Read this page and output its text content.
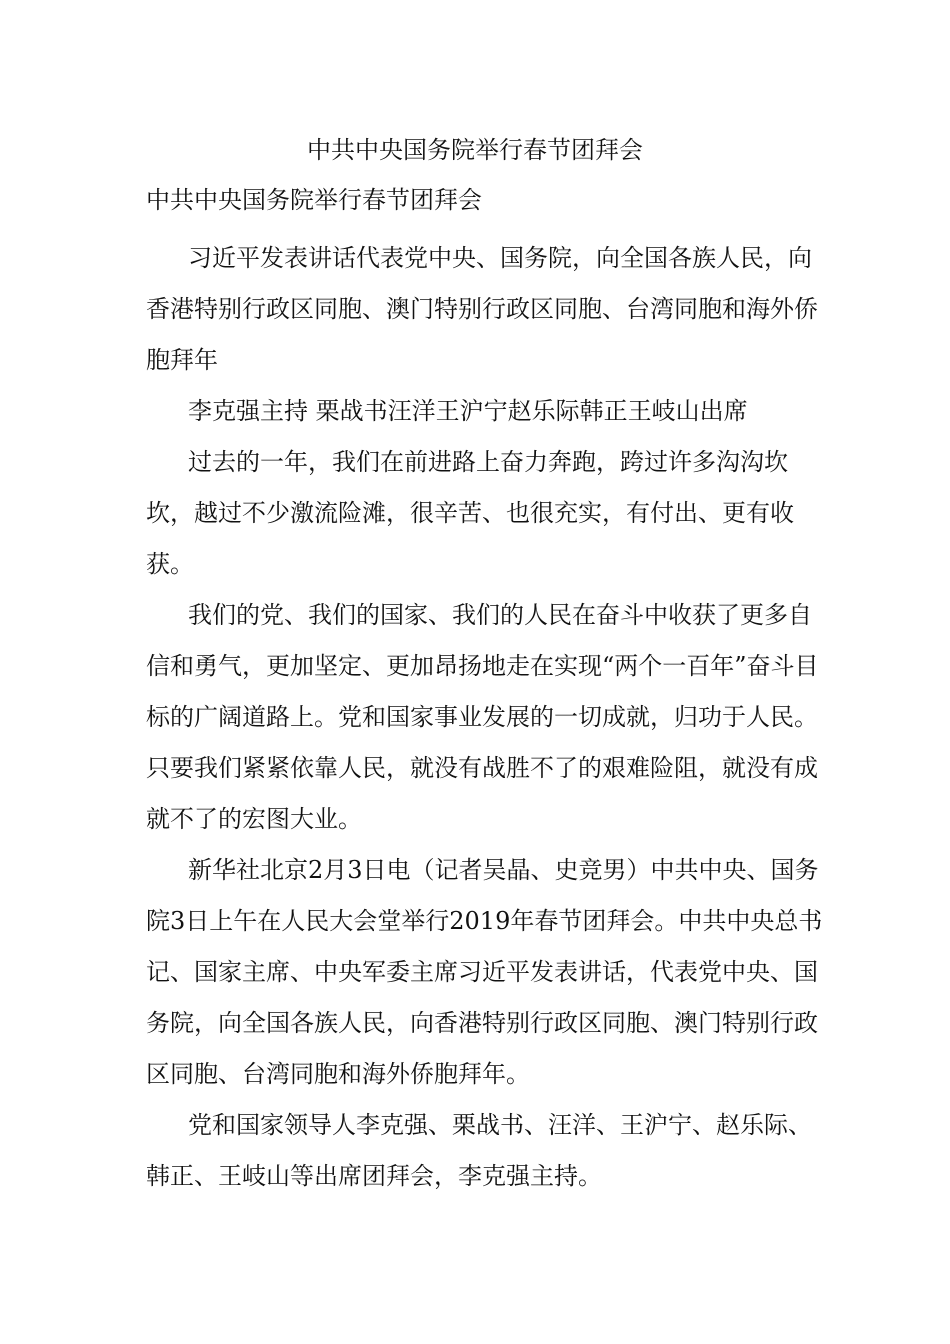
中共中央国务院举行春节团拜会
中共中央国务院举行春节团拜会

习近平发表讲话代表党中央、国务院，向全国各族人民，向香港特别行政区同胞、澳门特别行政区同胞、台湾同胞和海外侨胞拜年

李克强主持 栗战书汪洋王沪宁赵乐际韩正王岐山出席

过去的一年，我们在前进路上奋力奔跑，跨过许多沟沟坎坎，越过不少激流险滩，很辛苦、也很充实，有付出、更有收获。

我们的党、我们的国家、我们的人民在奋斗中收获了更多自信和勇气，更加坚定、更加昂扬地走在实现“两个一百年”奋斗目标的广阔道路上。党和国家事业发展的一切成就，归功于人民。只要我们紧紧依靠人民，就没有战胜不了的艰难险阻，就没有成就不了的宏图大业。

新华社北京2月3日电（记者吴晶、史竞男）中共中央、国务院3日上午在人民大会堂举行2019年春节团拜会。中共中央总书记、国家主席、中央军委主席习近平发表讲话，代表党中央、国务院，向全国各族人民，向香港特别行政区同胞、澳门特别行政区同胞、台湾同胞和海外侨胞拜年。

党和国家领导人李克强、栗战书、汪洋、王沪宁、赵乐际、韩正、王岐山等出席团拜会，李克强主持。
